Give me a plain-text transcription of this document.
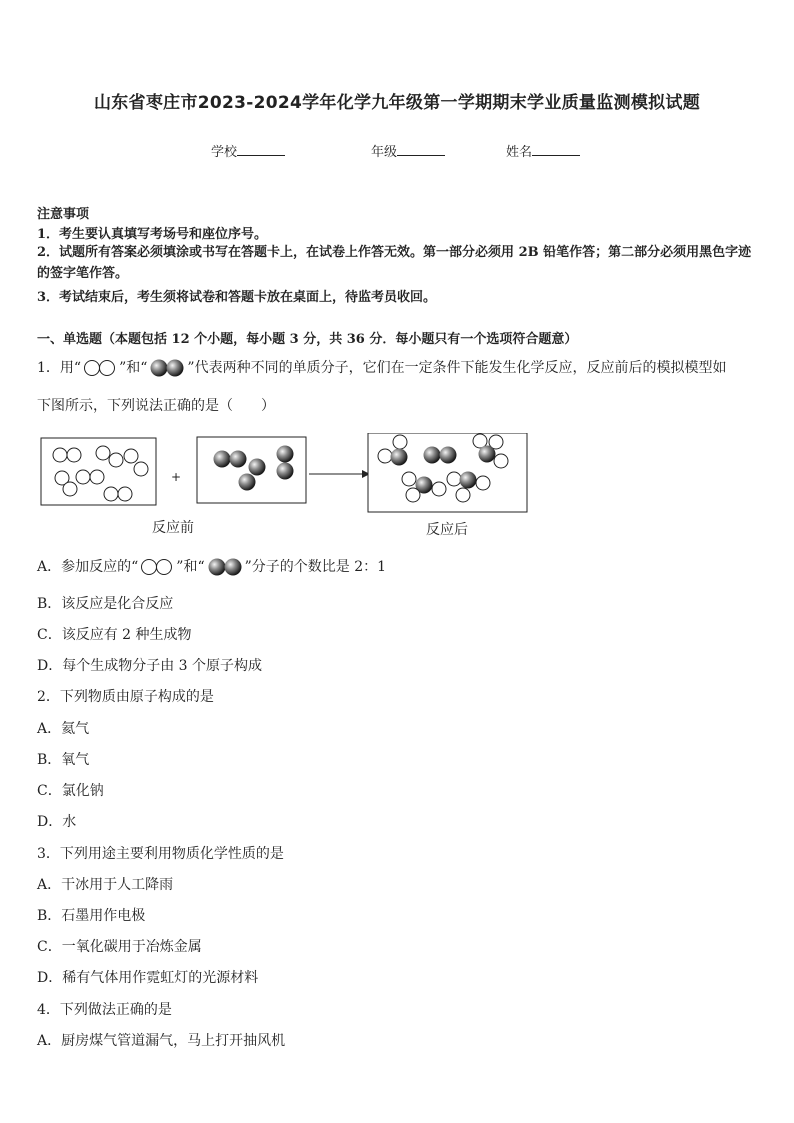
山东省枣庄市2023-2024学年化学九年级第一学期期末学业质量监测模拟试题
学校	年级	姓名
注意事项
1．考生要认真填写考场号和座位序号。
2．试题所有答案必须填涂或书写在答题卡上，在试卷上作答无效。第一部分必须用 2B 铅笔作答；第二部分必须用黑色字迹的签字笔作答。
3．考试结束后，考生须将试卷和答题卡放在桌面上，待监考员收回。
一、单选题（本题包括 12 个小题，每小题 3 分，共 36 分．每小题只有一个选项符合题意）
1．用“	”和“	”代表两种不同的单质分子，它们在一定条件下能发生化学反应，反应前后的模拟模型如
下图所示，下列说法正确的是（　　）
+
反应前	反应后
A．参加反应的“	”和“	”分子的个数比是 2：1
B．该反应是化合反应
C．该反应有 2 种生成物
D．每个生成物分子由 3 个原子构成
2．下列物质由原子构成的是
A．氦气
B．氧气
C．氯化钠
D．水
3．下列用途主要利用物质化学性质的是
A．干冰用于人工降雨
B．石墨用作电极
C．一氧化碳用于冶炼金属
D．稀有气体用作霓虹灯的光源材料
4．下列做法正确的是
A．厨房煤气管道漏气，马上打开抽风机
